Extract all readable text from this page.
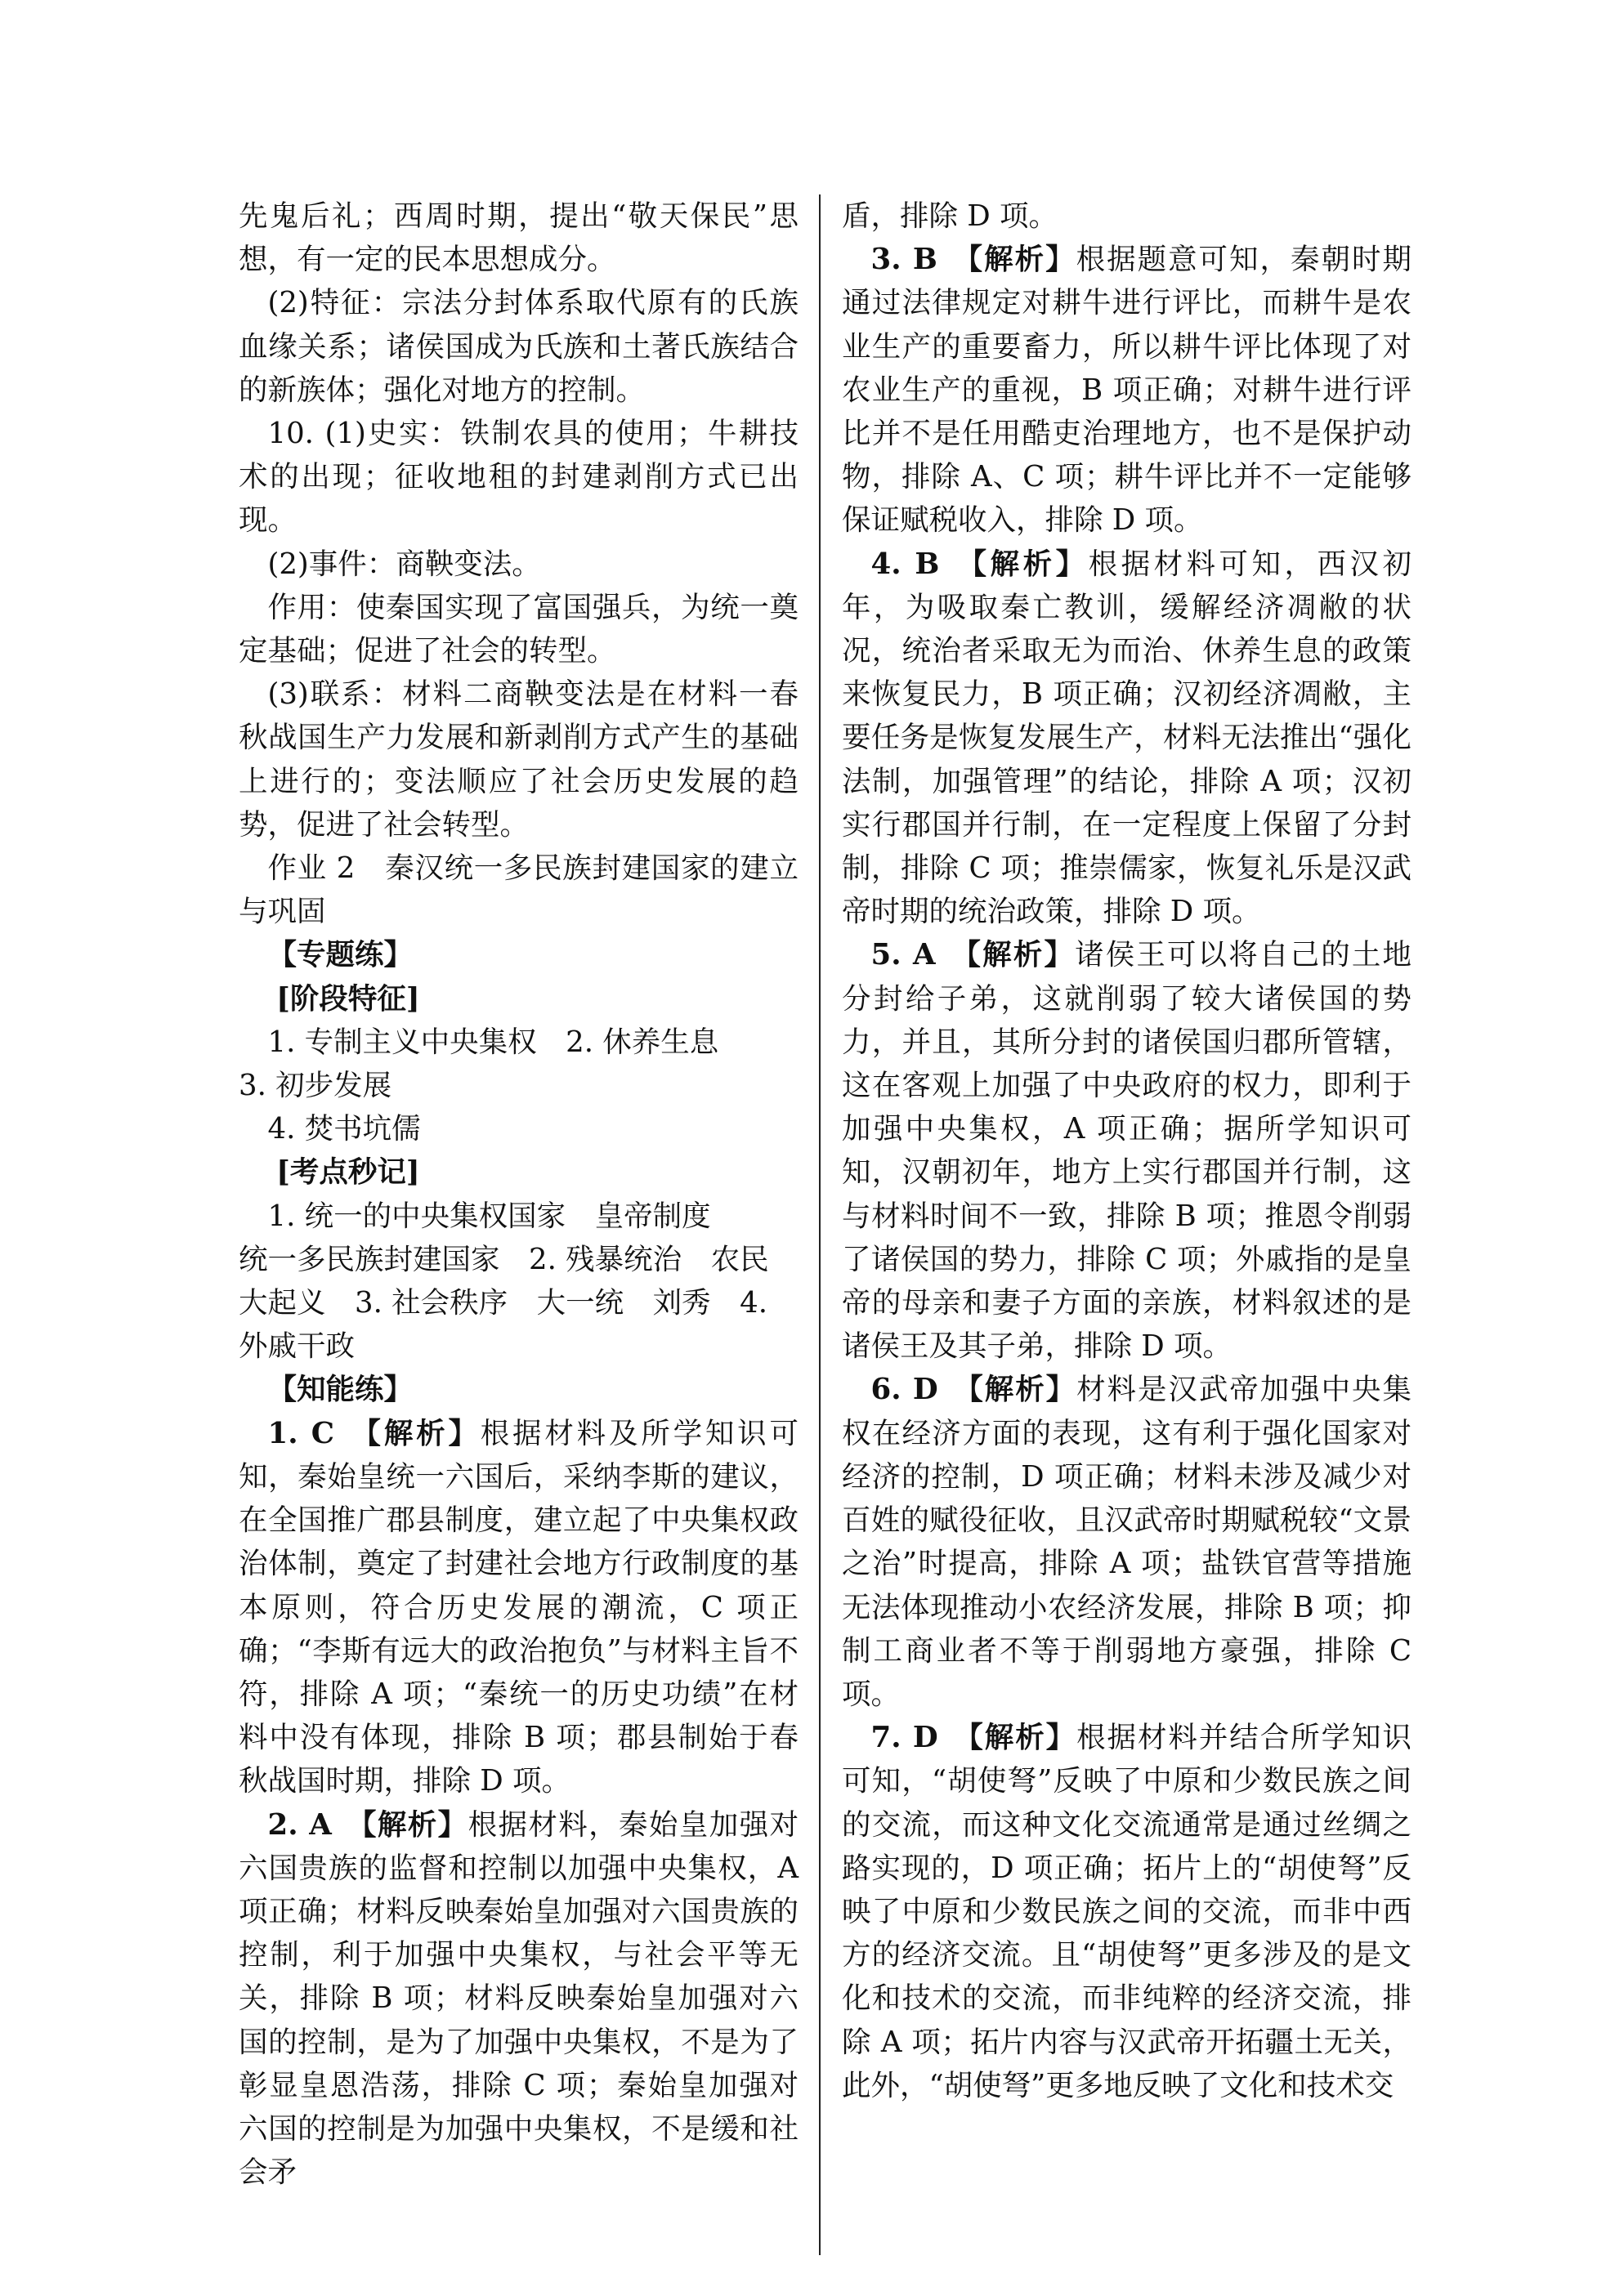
先鬼后礼；西周时期，提出“敬天保民”思想，有一定的民本思想成分。

(2)特征：宗法分封体系取代原有的氏族血缘关系；诸侯国成为氏族和土著氏族结合的新族体；强化对地方的控制。

10. (1)史实：铁制农具的使用；牛耕技术的出现；征收地租的封建剥削方式已出现。

(2)事件：商鞅变法。

作用：使秦国实现了富国强兵，为统一奠定基础；促进了社会的转型。

(3)联系：材料二商鞅变法是在材料一春秋战国生产力发展和新剥削方式产生的基础上进行的；变法顺应了社会历史发展的趋势，促进了社会转型。

作业 2　秦汉统一多民族封建国家的建立与巩固

【专题练】

[阶段特征]

1. 专制主义中央集权　2. 休养生息

3. 初步发展

4. 焚书坑儒

[考点秒记]

1. 统一的中央集权国家　皇帝制度

统一多民族封建国家　2. 残暴统治　农民

大起义　3. 社会秩序　大一统　刘秀　4.

外戚干政

【知能练】

1. C 【解析】根据材料及所学知识可知，秦始皇统一六国后，采纳李斯的建议，在全国推广郡县制度，建立起了中央集权政治体制，奠定了封建社会地方行政制度的基本原则，符合历史发展的潮流，C 项正确；“李斯有远大的政治抱负”与材料主旨不符，排除 A 项；“秦统一的历史功绩”在材料中没有体现，排除 B 项；郡县制始于春秋战国时期，排除 D 项。

2. A 【解析】根据材料，秦始皇加强对六国贵族的监督和控制以加强中央集权，A 项正确；材料反映秦始皇加强对六国贵族的控制，利于加强中央集权，与社会平等无关，排除 B 项；材料反映秦始皇加强对六国的控制，是为了加强中央集权，不是为了彰显皇恩浩荡，排除 C 项；秦始皇加强对六国的控制是为加强中央集权，不是缓和社会矛

盾，排除 D 项。

3. B 【解析】根据题意可知，秦朝时期通过法律规定对耕牛进行评比，而耕牛是农业生产的重要畜力，所以耕牛评比体现了对农业生产的重视，B 项正确；对耕牛进行评比并不是任用酷吏治理地方，也不是保护动物，排除 A、C 项；耕牛评比并不一定能够保证赋税收入，排除 D 项。

4. B 【解析】根据材料可知，西汉初年，为吸取秦亡教训，缓解经济凋敝的状况，统治者采取无为而治、休养生息的政策来恢复民力，B 项正确；汉初经济凋敝，主要任务是恢复发展生产，材料无法推出“强化法制，加强管理”的结论，排除 A 项；汉初实行郡国并行制，在一定程度上保留了分封制，排除 C 项；推崇儒家，恢复礼乐是汉武帝时期的统治政策，排除 D 项。

5. A 【解析】诸侯王可以将自己的土地分封给子弟，这就削弱了较大诸侯国的势力，并且，其所分封的诸侯国归郡所管辖，这在客观上加强了中央政府的权力，即利于加强中央集权，A 项正确；据所学知识可知，汉朝初年，地方上实行郡国并行制，这与材料时间不一致，排除 B 项；推恩令削弱了诸侯国的势力，排除 C 项；外戚指的是皇帝的母亲和妻子方面的亲族，材料叙述的是诸侯王及其子弟，排除 D 项。

6. D 【解析】材料是汉武帝加强中央集权在经济方面的表现，这有利于强化国家对经济的控制，D 项正确；材料未涉及减少对百姓的赋役征收，且汉武帝时期赋税较“文景之治”时提高，排除 A 项；盐铁官营等措施无法体现推动小农经济发展，排除 B 项；抑制工商业者不等于削弱地方豪强，排除 C 项。

7. D 【解析】根据材料并结合所学知识可知，“胡使弩”反映了中原和少数民族之间的交流，而这种文化交流通常是通过丝绸之路实现的，D 项正确；拓片上的“胡使弩”反映了中原和少数民族之间的交流，而非中西方的经济交流。且“胡使弩”更多涉及的是文化和技术的交流，而非纯粹的经济交流，排除 A 项；拓片内容与汉武帝开拓疆土无关，此外，“胡使弩”更多地反映了文化和技术交
